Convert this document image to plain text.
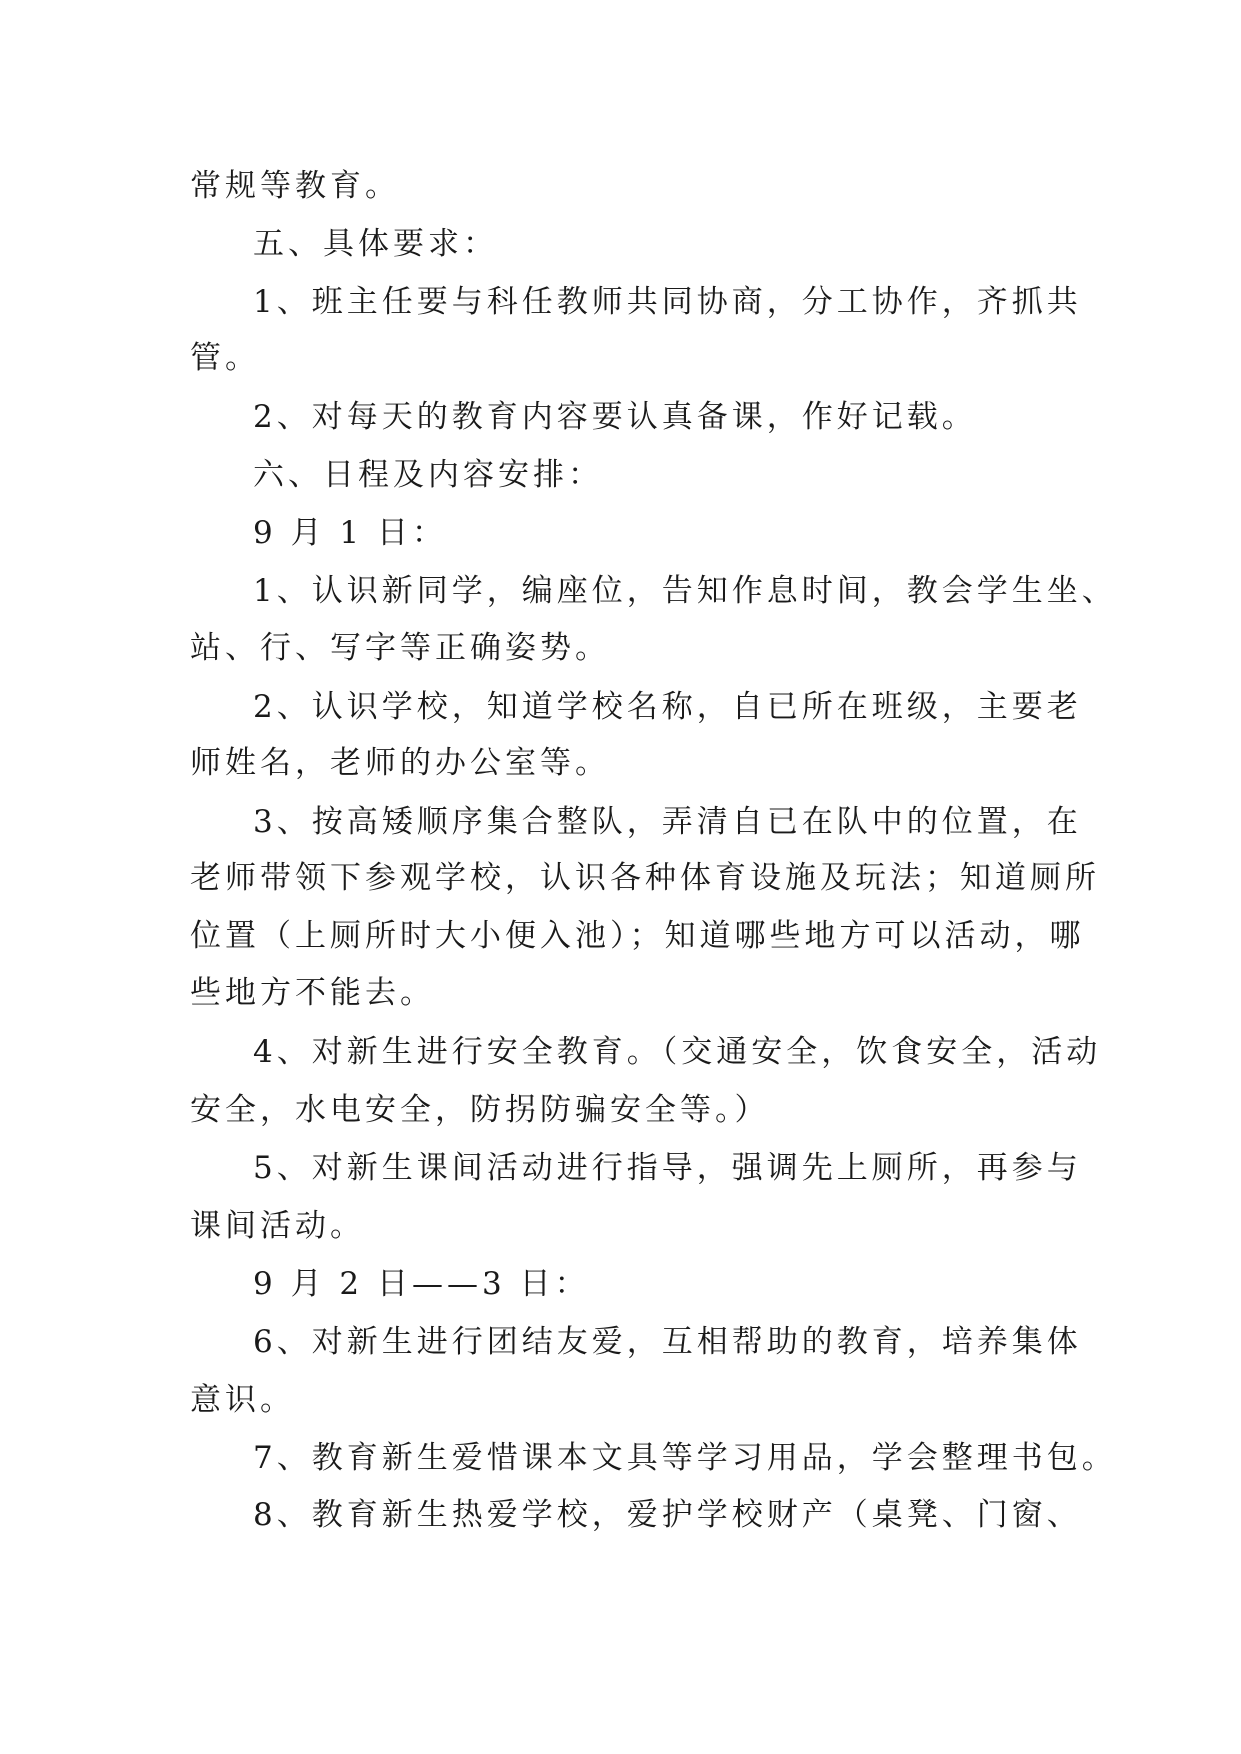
常规等教育。
五、具体要求：
1、班主任要与科任教师共同协商，分工协作，齐抓共
管。
2、对每天的教育内容要认真备课，作好记载。
六、日程及内容安排：
9 月 1 日：
1、认识新同学，编座位，告知作息时间，教会学生坐、
站、行、写字等正确姿势。
2、认识学校，知道学校名称，自已所在班级，主要老
师姓名，老师的办公室等。
3、按高矮顺序集合整队，弄清自已在队中的位置，在
老师带领下参观学校，认识各种体育设施及玩法；知道厕所
位置（上厕所时大小便入池）；知道哪些地方可以活动，哪
些地方不能去。
4、对新生进行安全教育。（交通安全，饮食安全，活动
安全，水电安全，防拐防骗安全等。）
5、对新生课间活动进行指导，强调先上厕所，再参与
课间活动。
9 月 2 日——3 日：
6、对新生进行团结友爱，互相帮助的教育，培养集体
意识。
7、教育新生爱惜课本文具等学习用品，学会整理书包。
8、教育新生热爱学校，爱护学校财产（桌凳、门窗、
